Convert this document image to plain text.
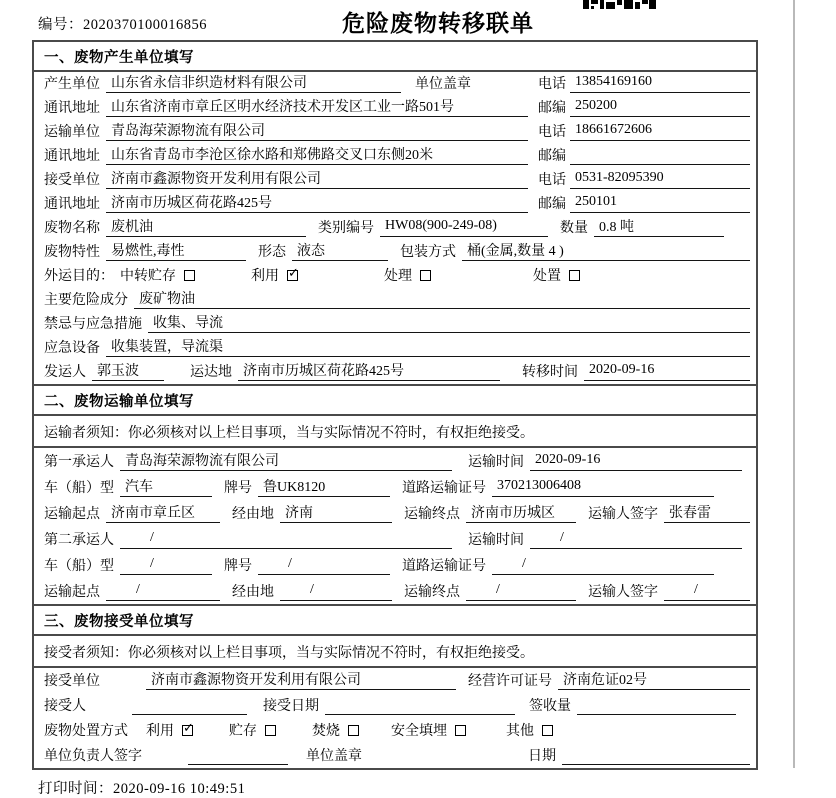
编号：2020370100016856	危险废物转移联单
一、废物产生单位填写
产生单位 山东省永信非织造材料有限公司	单位盖章	电话 13854169160
通讯地址 山东省济南市章丘区明水经济技术开发区工业一路501号	邮编 250200
运输单位 青岛海荣源物流有限公司	电话 18661672606
通讯地址 山东省青岛市李沧区徐水路和郑佛路交叉口东侧20米	邮编
接受单位 济南市鑫源物资开发利用有限公司	电话 0531-82095390
通讯地址 济南市历城区荷花路425号	邮编 250101
废物名称 废机油	类别编号 HW08(900-249-08)	数量 0.8 吨
废物特性 易燃性,毒性	形态 液态	包装方式 桶(金属,数量 4 )
外运目的： 中转贮存	利用 ✓	处理	处置
主要危险成分 废矿物油
禁忌与应急措施 收集、导流
应急设备 收集装置，导流渠
发运人 郭玉波	运达地 济南市历城区荷花路425号	转移时间 2020-09-16
二、废物运输单位填写
运输者须知：你必须核对以上栏目事项，当与实际情况不符时，有权拒绝接受。
第一承运人 青岛海荣源物流有限公司	运输时间 2020-09-16
车（船）型 汽车	牌号 鲁UK8120	道路运输证号 370213006408
运输起点 济南市章丘区	经由地 济南	运输终点 济南市历城区	运输人签字 张春雷
第二承运人	/	运输时间	/
车（船）型	/	牌号	/	道路运输证号	/
运输起点	/	经由地	/	运输终点	/	运输人签字	/
三、废物接受单位填写
接受者须知：你必须核对以上栏目事项，当与实际情况不符时，有权拒绝接受。
接受单位	济南市鑫源物资开发利用有限公司	经营许可证号 济南危证02号
接受人	接受日期	签收量
废物处置方式 利用 ✓	贮存	焚烧	安全填埋	其他
单位负责人签字	单位盖章	日期
打印时间：2020-09-16 10:49:51
